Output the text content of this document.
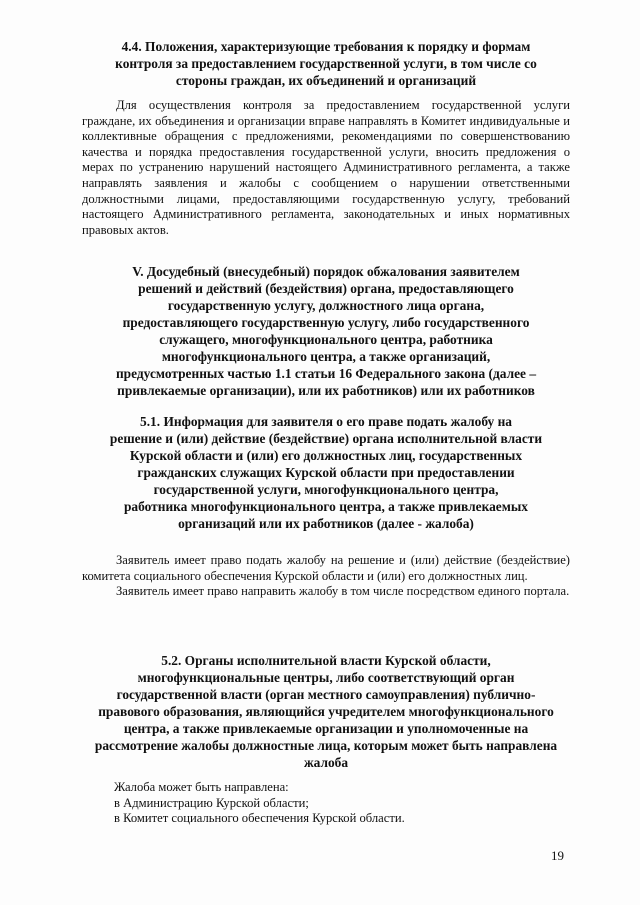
4.4. Положения, характеризующие требования к порядку и формам
контроля за предоставлением государственной услуги, в том числе со
стороны граждан, их объединений и организаций

Для осуществления контроля за предоставлением государственной услуги граждане, их объединения и организации вправе направлять в Комитет индивидуальные и коллективные обращения с предложениями, рекомендациями по совершенствованию качества и порядка предоставления государственной услуги, вносить предложения о мерах по устранению нарушений настоящего Административного регламента, а также направлять заявления и жалобы с сообщением о нарушении ответственными должностными лицами, предоставляющими государственную услугу, требований настоящего Административного регламента, законодательных и иных нормативных правовых актов.

V. Досудебный (внесудебный) порядок обжалования заявителем
решений и действий (бездействия) органа, предоставляющего
государственную услугу, должностного лица органа,
предоставляющего государственную услугу, либо государственного
служащего, многофункционального центра, работника
многофункционального центра, а также организаций,
предусмотренных частью 1.1 статьи 16 Федерального закона (далее –
привлекаемые организации), или их работников) или их работников
5.1. Информация для заявителя о его праве подать жалобу на
решение и (или) действие (бездействие) органа исполнительной власти
Курской области и (или) его должностных лиц, государственных
гражданских служащих Курской области при предоставлении
государственной услуги, многофункционального центра,
работника многофункционального центра, а также привлекаемых
организаций или их работников (далее - жалоба)

Заявитель имеет право подать жалобу на решение и (или) действие (бездействие) комитета социального обеспечения Курской области и (или) его должностных лиц.

Заявитель имеет право направить жалобу в том числе посредством единого портала.

5.2. Органы исполнительной власти Курской области,
многофункциональные центры, либо соответствующий орган
государственной власти (орган местного самоуправления) публично-
правового образования, являющийся учредителем многофункционального
центра, а также привлекаемые организации и уполномоченные на
рассмотрение жалобы должностные лица, которым может быть направлена
жалоба

Жалоба может быть направлена:

в Администрацию Курской области;

в Комитет социального обеспечения Курской области.

19
